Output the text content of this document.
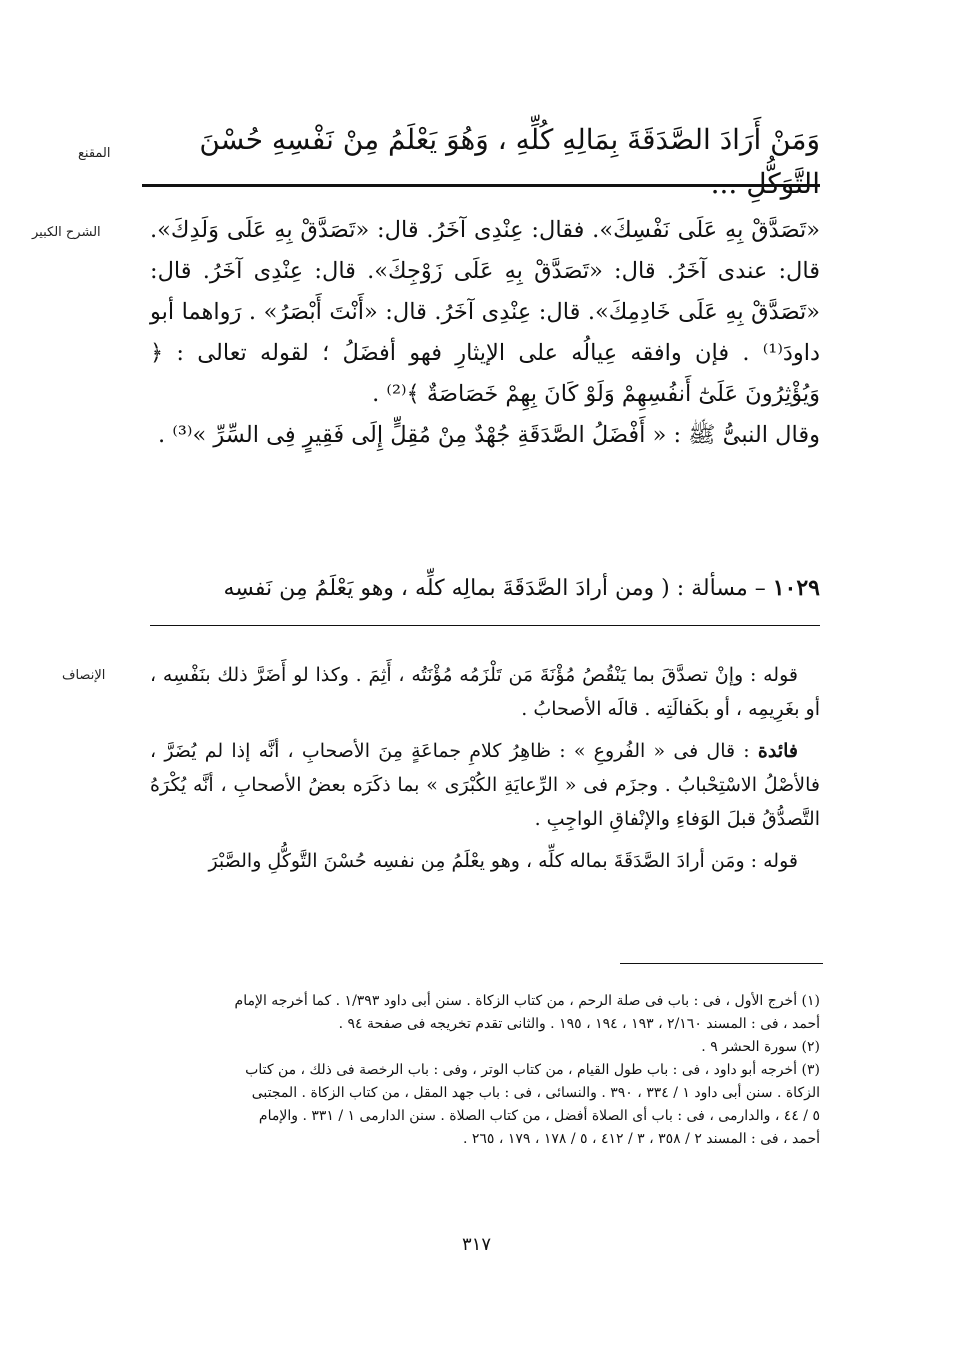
المقنع	وَمَنْ أَرَادَ الصَّدَقَةَ بِمَالِهِ كُلِّهِ ، وَهُوَ يَعْلَمُ مِنْ نَفْسِهِ حُسْنَ التَّوَكُّلِ ...
الشرح الكبير «تَصَدَّقْ بِهِ عَلَى نَفْسِكَ». فقال: عِنْدِى آخَرُ. قال: «تَصَدَّقْ بِهِ عَلَى وَلَدِكَ». قال: عندى آخَرُ. قال: «تَصَدَّقْ بِهِ عَلَى زَوْجِكَ». قال: عِنْدِى آخَرُ. قال: «تَصَدَّقْ بِهِ عَلَى خَادِمِكَ». قال: عِنْدِى آخَرُ. قال: «أَنْتَ أَبْصَرُ» . رَواهما أبو داودَ⁽¹⁾ . فإن وافقه عِيالُه على الإيثارِ فهو أفضَلُ ؛ لقوله تعالى : ﴿ وَيُؤْثِرُونَ عَلَىٰٓ أَنفُسِهِمْ وَلَوْ كَانَ بِهِمْ خَصَاصَةٌ ﴾⁽²⁾ .

وقال النبىُّ ﷺ : « أَفْضَلُ الصَّدَقَةِ جُهْدٌ مِنْ مُقِلٍّ إِلَى فَقِيرٍ فِى السِّرِّ »⁽³⁾ .

١٠٢٩ – مسألة : ( ومن أرادَ الصَّدَقَةَ بمالِه كلِّه ، وهو يَعْلَمُ مِن نَفسِه
الإنصاف قوله : وإنْ تصدَّقَ بما يَنْقُصُ مُؤْنَةَ مَن تَلْزَمُه مُؤْنَتُه ، أَثِمَ . وكذا لو أَضَرَّ ذلك بنَفْسِه ، أو بغَرِيمِه ، أو بكَفالَتِه . قالَه الأصحابُ .

فائدة : قال فى « الفُروعِ » : ظاهِرُ كلامِ جماعَةٍ مِنَ الأصحابِ ، أنَّه إذا لم يُضَرَّ ، فالأصْلُ الاسْتِحْبابُ . وجزَم فى « الرِّعايَةِ الكُبْرَى » بما ذكَرَه بعضُ الأصحابِ ، أنَّه يُكْرَهُ التَّصدُّقُ قبلَ الوَفاءِ والإنْفاقِ الواجِبِ .

قوله : ومَن أرادَ الصَّدَقَةَ بماله كلِّه ، وهو يعْلَمُ مِن نفسِه حُسْنَ التَّوكُّلِ والصَّبْرَ

(١) أخرج الأول ، فى : باب فى صلة الرحم ، من كتاب الزكاة . سنن أبى داود ١/٣٩٣ . كما أخرجه الإمام

أحمد ، فى : المسند ٢/١٦٠ ، ١٩٣ ، ١٩٤ ، ١٩٥ . والثانى تقدم تخريجه فى صفحة ٩٤ .

(٢) سورة الحشر ٩ .

(٣) أخرجه أبو داود ، فى : باب طول القيام ، من كتاب الوتر ، وفى : باب الرخصة فى ذلك ، من كتاب

الزكاة . سنن أبى داود ١ / ٣٣٤ ، ٣٩٠ . والنسائى ، فى : باب جهد المقل ، من كتاب الزكاة . المجتبى

٥ / ٤٤ ، والدارمى ، فى : باب أى الصلاة أفضل ، من كتاب الصلاة . سنن الدارمى ١ / ٣٣١ . والإمام

أحمد ، فى : المسند ٢ / ٣٥٨ ، ٣ / ٤١٢ ، ٥ / ١٧٨ ، ١٧٩ ، ٢٦٥ .

٣١٧
